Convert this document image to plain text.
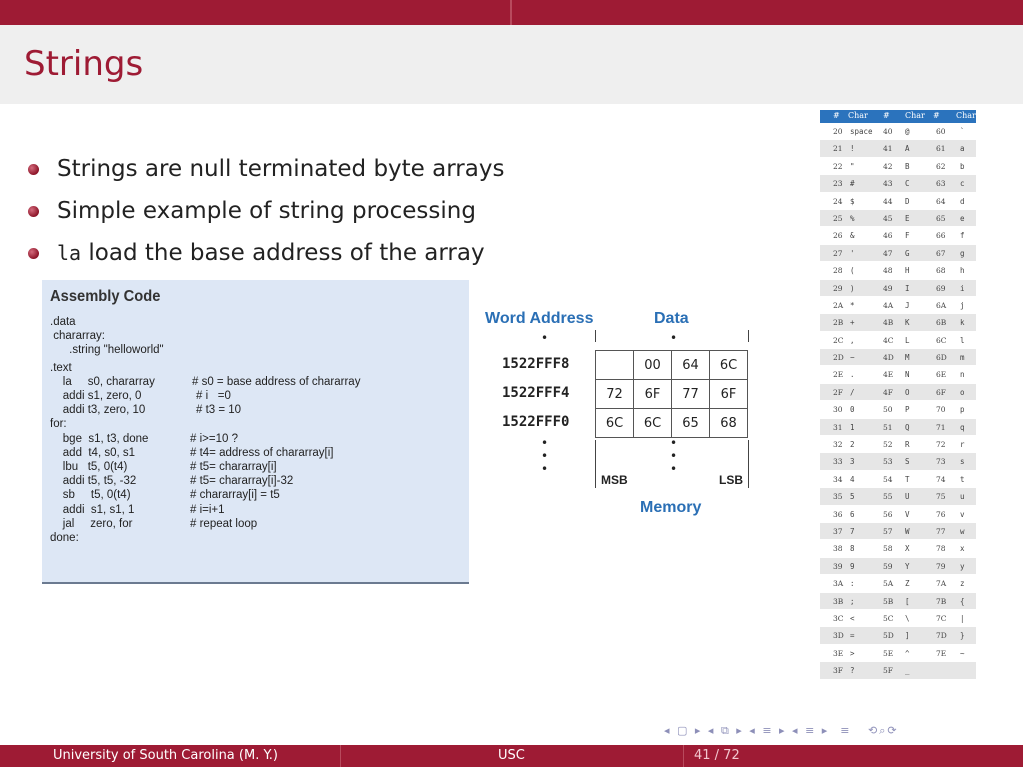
Strings
Strings are null terminated byte arrays
Simple example of string processing
la load the base address of the array
Assembly Code
.data
chararray:
.string "helloworld"
.text
la     s0, chararray	# s0 = base address of chararray
addi s1, zero, 0	# i   =0
addi t3, zero, 10	# t3 = 10
for:
bge  s1, t3, done	# i>=10 ?
add  t4, s0, s1	# t4= address of chararray[i]
lbu   t5, 0(t4)	# t5= chararray[i]
addi t5, t5, -32	# t5= chararray[i]-32
sb     t5, 0(t4)	# chararray[i] = t5
addi  s1, s1, 1	# i=i+1
jal     zero, for	# repeat loop
done:
Word Address	Data
Memory
MSB	LSB
1522FFF8
1522FFF4
1522FFF0
	00	64	6C
72	6F	77	6F
6C	6C	65	68
•	•
•
•
•
•
•
•
# Char # Char # Char
20 space 40 @	60 `
21 !	41 A	61 a
22 "	42 B	62 b
23 #	43 C	63 c
24 $	44 D	64 d
25 %	45 E	65 e
26 &	46 F	66 f
27 '	47 G	67 g
28 (	48 H	68 h
29 )	49 I	69 i
2A *	4A J	6A j
2B +	4B K	6B k
2C ,	4C L	6C l
2D −	4D M	6D m
2E .	4E N	6E n
2F /	4F O	6F o
30 0	50 P	70 p
31 1	51 Q	71 q
32 2	52 R	72 r
33 3	53 S	73 s
34 4	54 T	74 t
35 5	55 U	75 u
36 6	56 V	76 v
37 7	57 W	77 w
38 8	58 X	78 x
39 9	59 Y	79 y
3A :	5A Z	7A z
3B ;	5B [	7B {
3C <	5C \	7C |
3D =	5D ]	7D }
3E >	5E ^	7E ~
3F ?	5F _
◂ ▢ ▸ ◂ ⧉ ▸ ◂ ≡ ▸ ◂ ≡ ▸  ≡   ⟲⌕⟳
University of South Carolina (M. Y.)	USC	41 / 72
